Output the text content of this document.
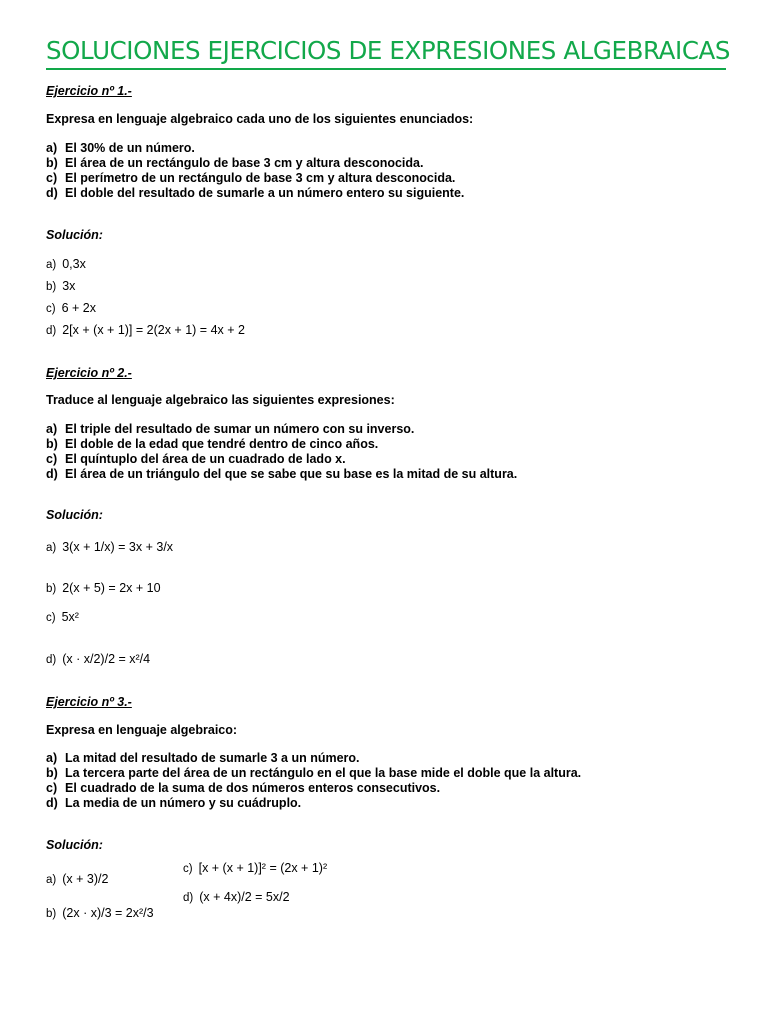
SOLUCIONES EJERCICIOS DE EXPRESIONES ALGEBRAICAS
Ejercicio nº 1.-
Expresa en lenguaje algebraico cada uno de los siguientes enunciados:
a) El 30% de un número.
b) El área de un rectángulo de base 3 cm y altura desconocida.
c) El perímetro de un rectángulo de base 3 cm y altura desconocida.
d) El doble del resultado de sumarle a un número entero su siguiente.
Solución:
a) 0,3x
b) 3x
c) 6 + 2x
d) 2[x + (x + 1)] = 2(2x + 1) = 4x + 2
Ejercicio nº 2.-
Traduce al lenguaje algebraico las siguientes expresiones:
a) El triple del resultado de sumar un número con su inverso.
b) El doble de la edad que tendré dentro de cinco años.
c) El quíntuplo del área de un cuadrado de lado x.
d) El área de un triángulo del que se sabe que su base es la mitad de su altura.
Solución:
a) 3(x + 1/x) = 3x + 3/x
b) 2(x + 5) = 2x + 10
c) 5x²
d) (x · x/2)/2 = x²/4
Ejercicio nº 3.-
Expresa en lenguaje algebraico:
a) La mitad del resultado de sumarle 3 a un número.
b) La tercera parte del área de un rectángulo en el que la base mide el doble que la altura.
c) El cuadrado de la suma de dos números enteros consecutivos.
d) La media de un número y su cuádruplo.
Solución:
a) (x + 3)/2
b) (2x · x)/3 = 2x²/3
c) [x + (x + 1)]² = (2x + 1)²
d) (x + 4x)/2 = 5x/2
